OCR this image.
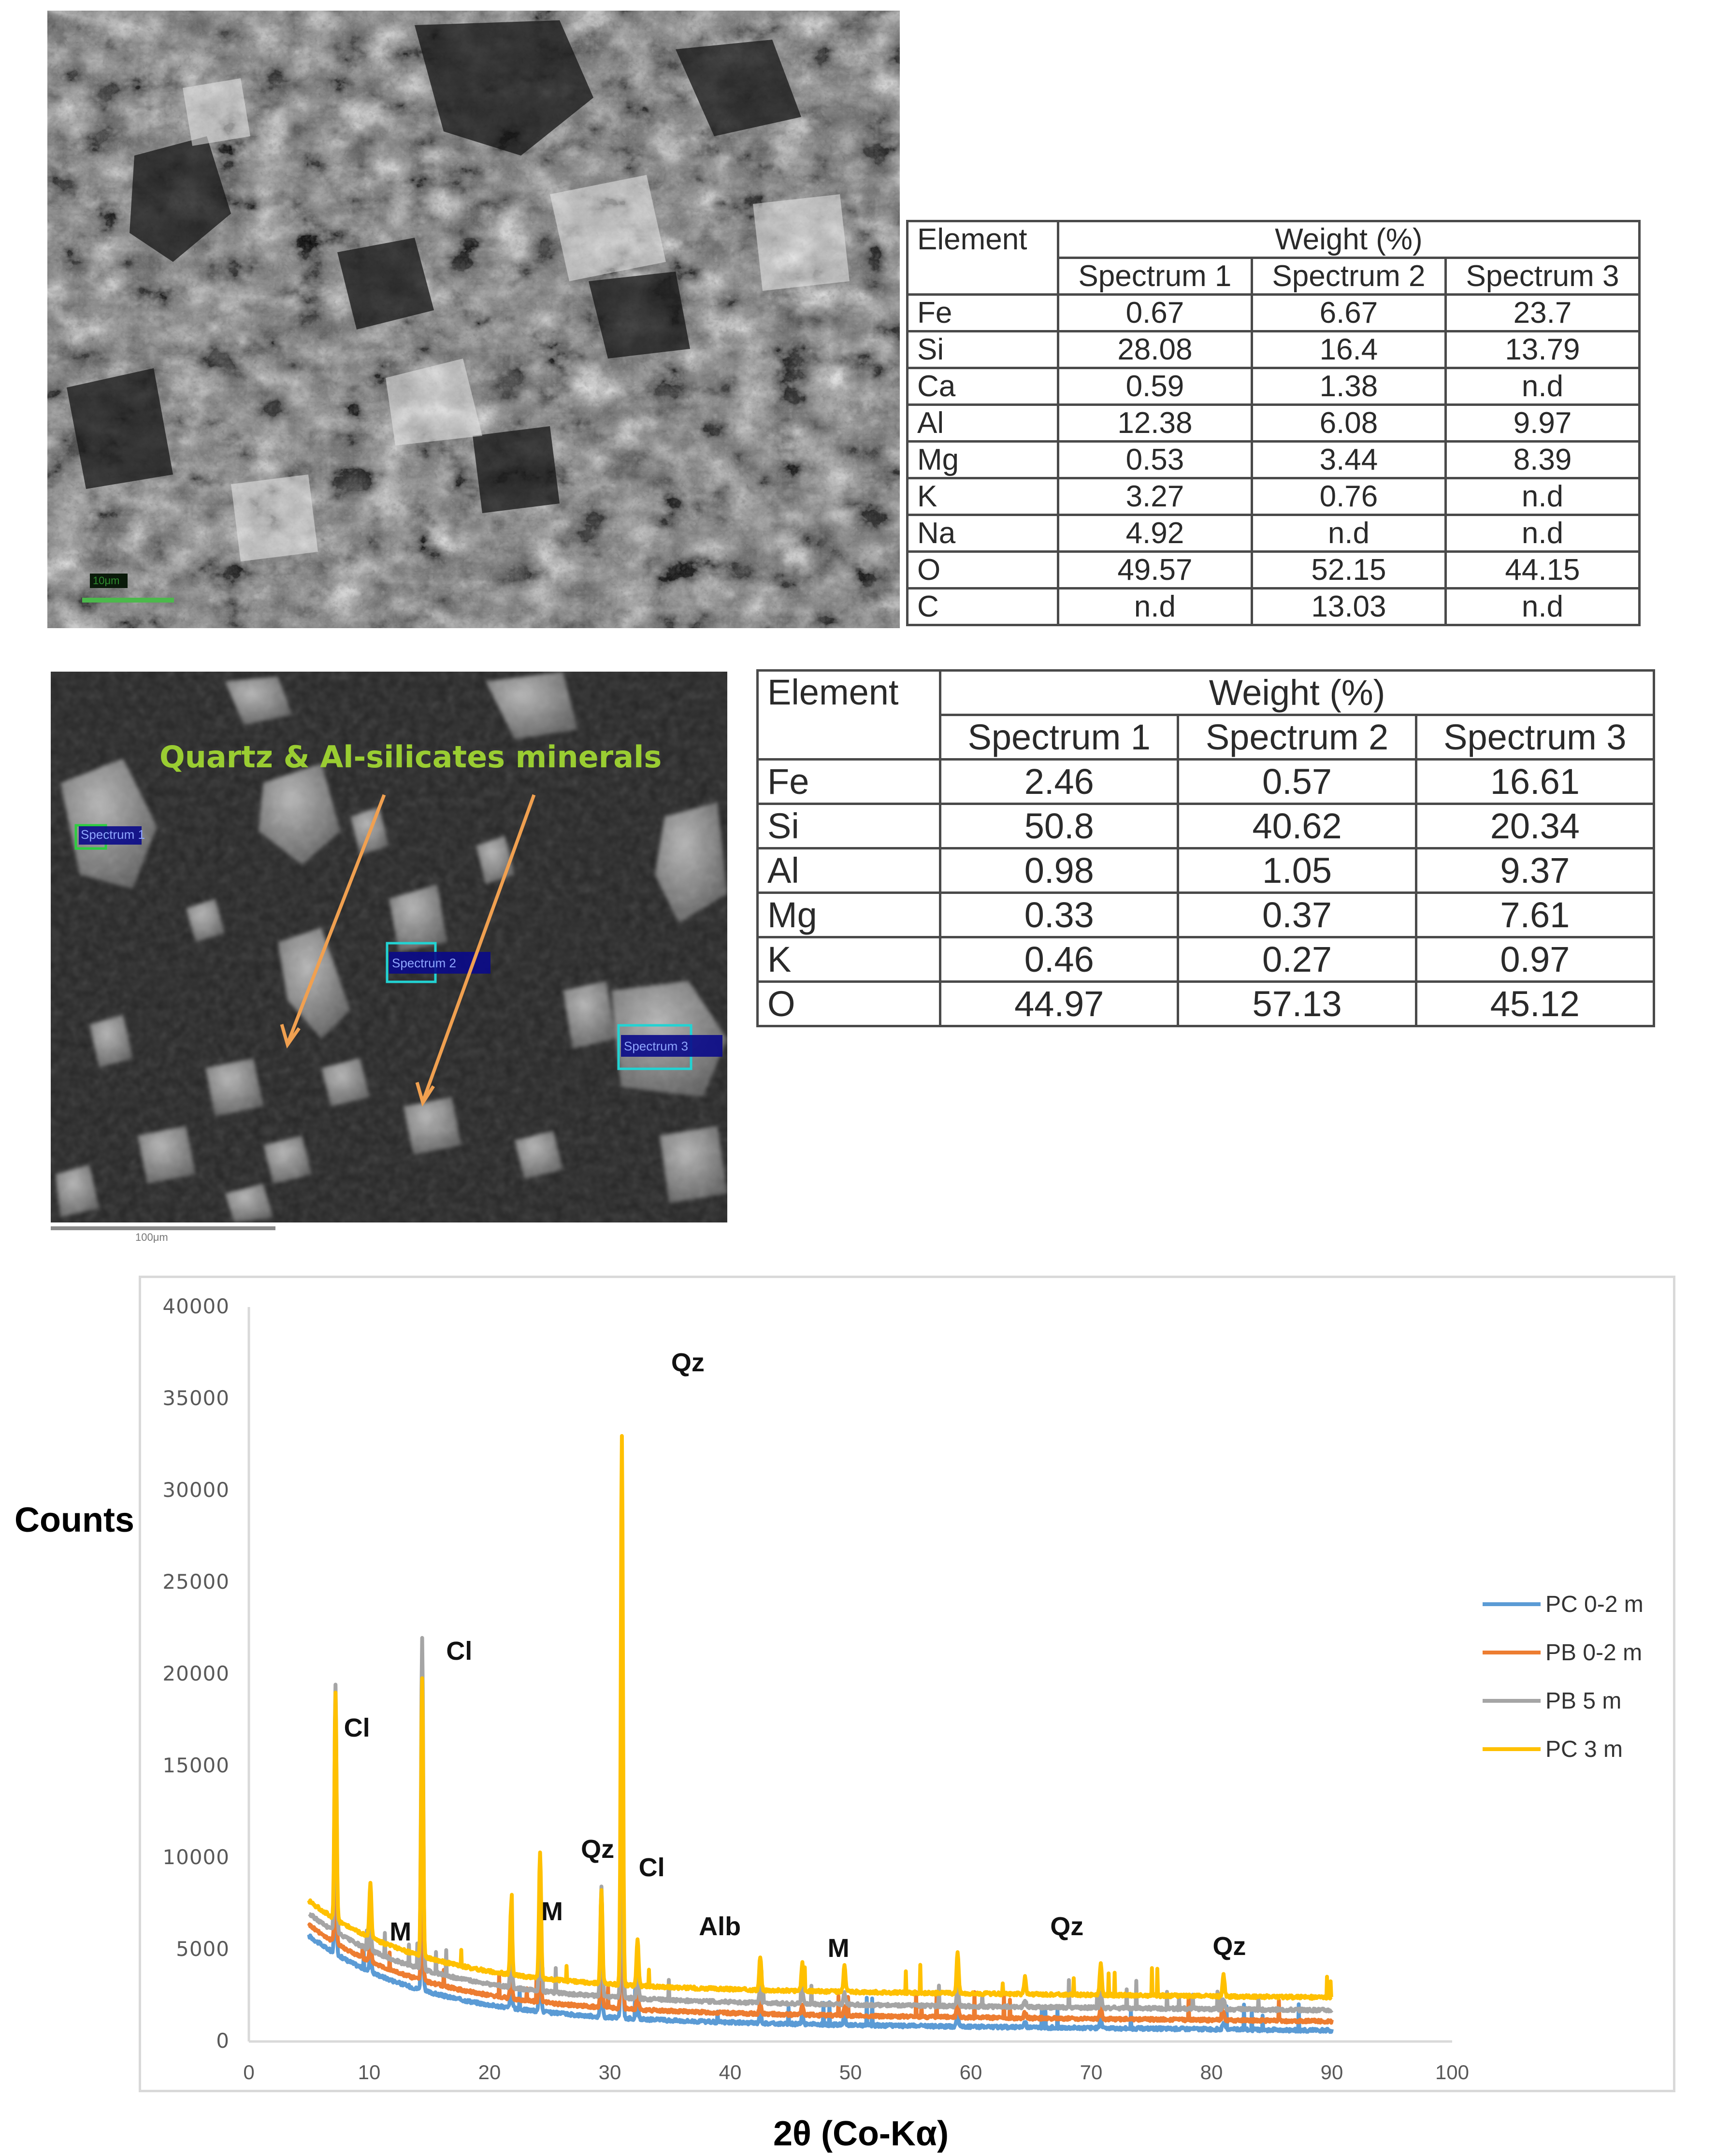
10μm
Element	Weight (%)		
	Spectrum 1	Spectrum 2	Spectrum 3
Fe	0.67	6.67	23.7
Si	28.08	16.4	13.79
Ca	0.59	1.38	n.d
Al	12.38	6.08	9.97
Mg	0.53	3.44	8.39
K	3.27	0.76	n.d
Na	4.92	n.d	n.d
O	49.57	52.15	44.15
C	n.d	13.03	n.d
Spectrum 1
Spectrum 2
Spectrum 3
Quartz & Al-silicates minerals
100μm
Element	Weight (%)		
	Spectrum 1	Spectrum 2	Spectrum 3
Fe	2.46	0.57	16.61
Si	50.8	40.62	20.34
Al	0.98	1.05	9.37
Mg	0.33	0.37	7.61
K	0.46	0.27	0.97
O	44.97	57.13	45.12
Counts
2θ (Co-Kα)
0
5000
10000
15000
20000
25000
30000
35000
40000
0	10	20	30	40	50	60	70	80	90	100
Cl
M
Cl
M
Qz
Qz
Cl
Alb
M
Qz
Qz
PC 0-2 m
PB 0-2 m
PB 5 m
PC 3 m
